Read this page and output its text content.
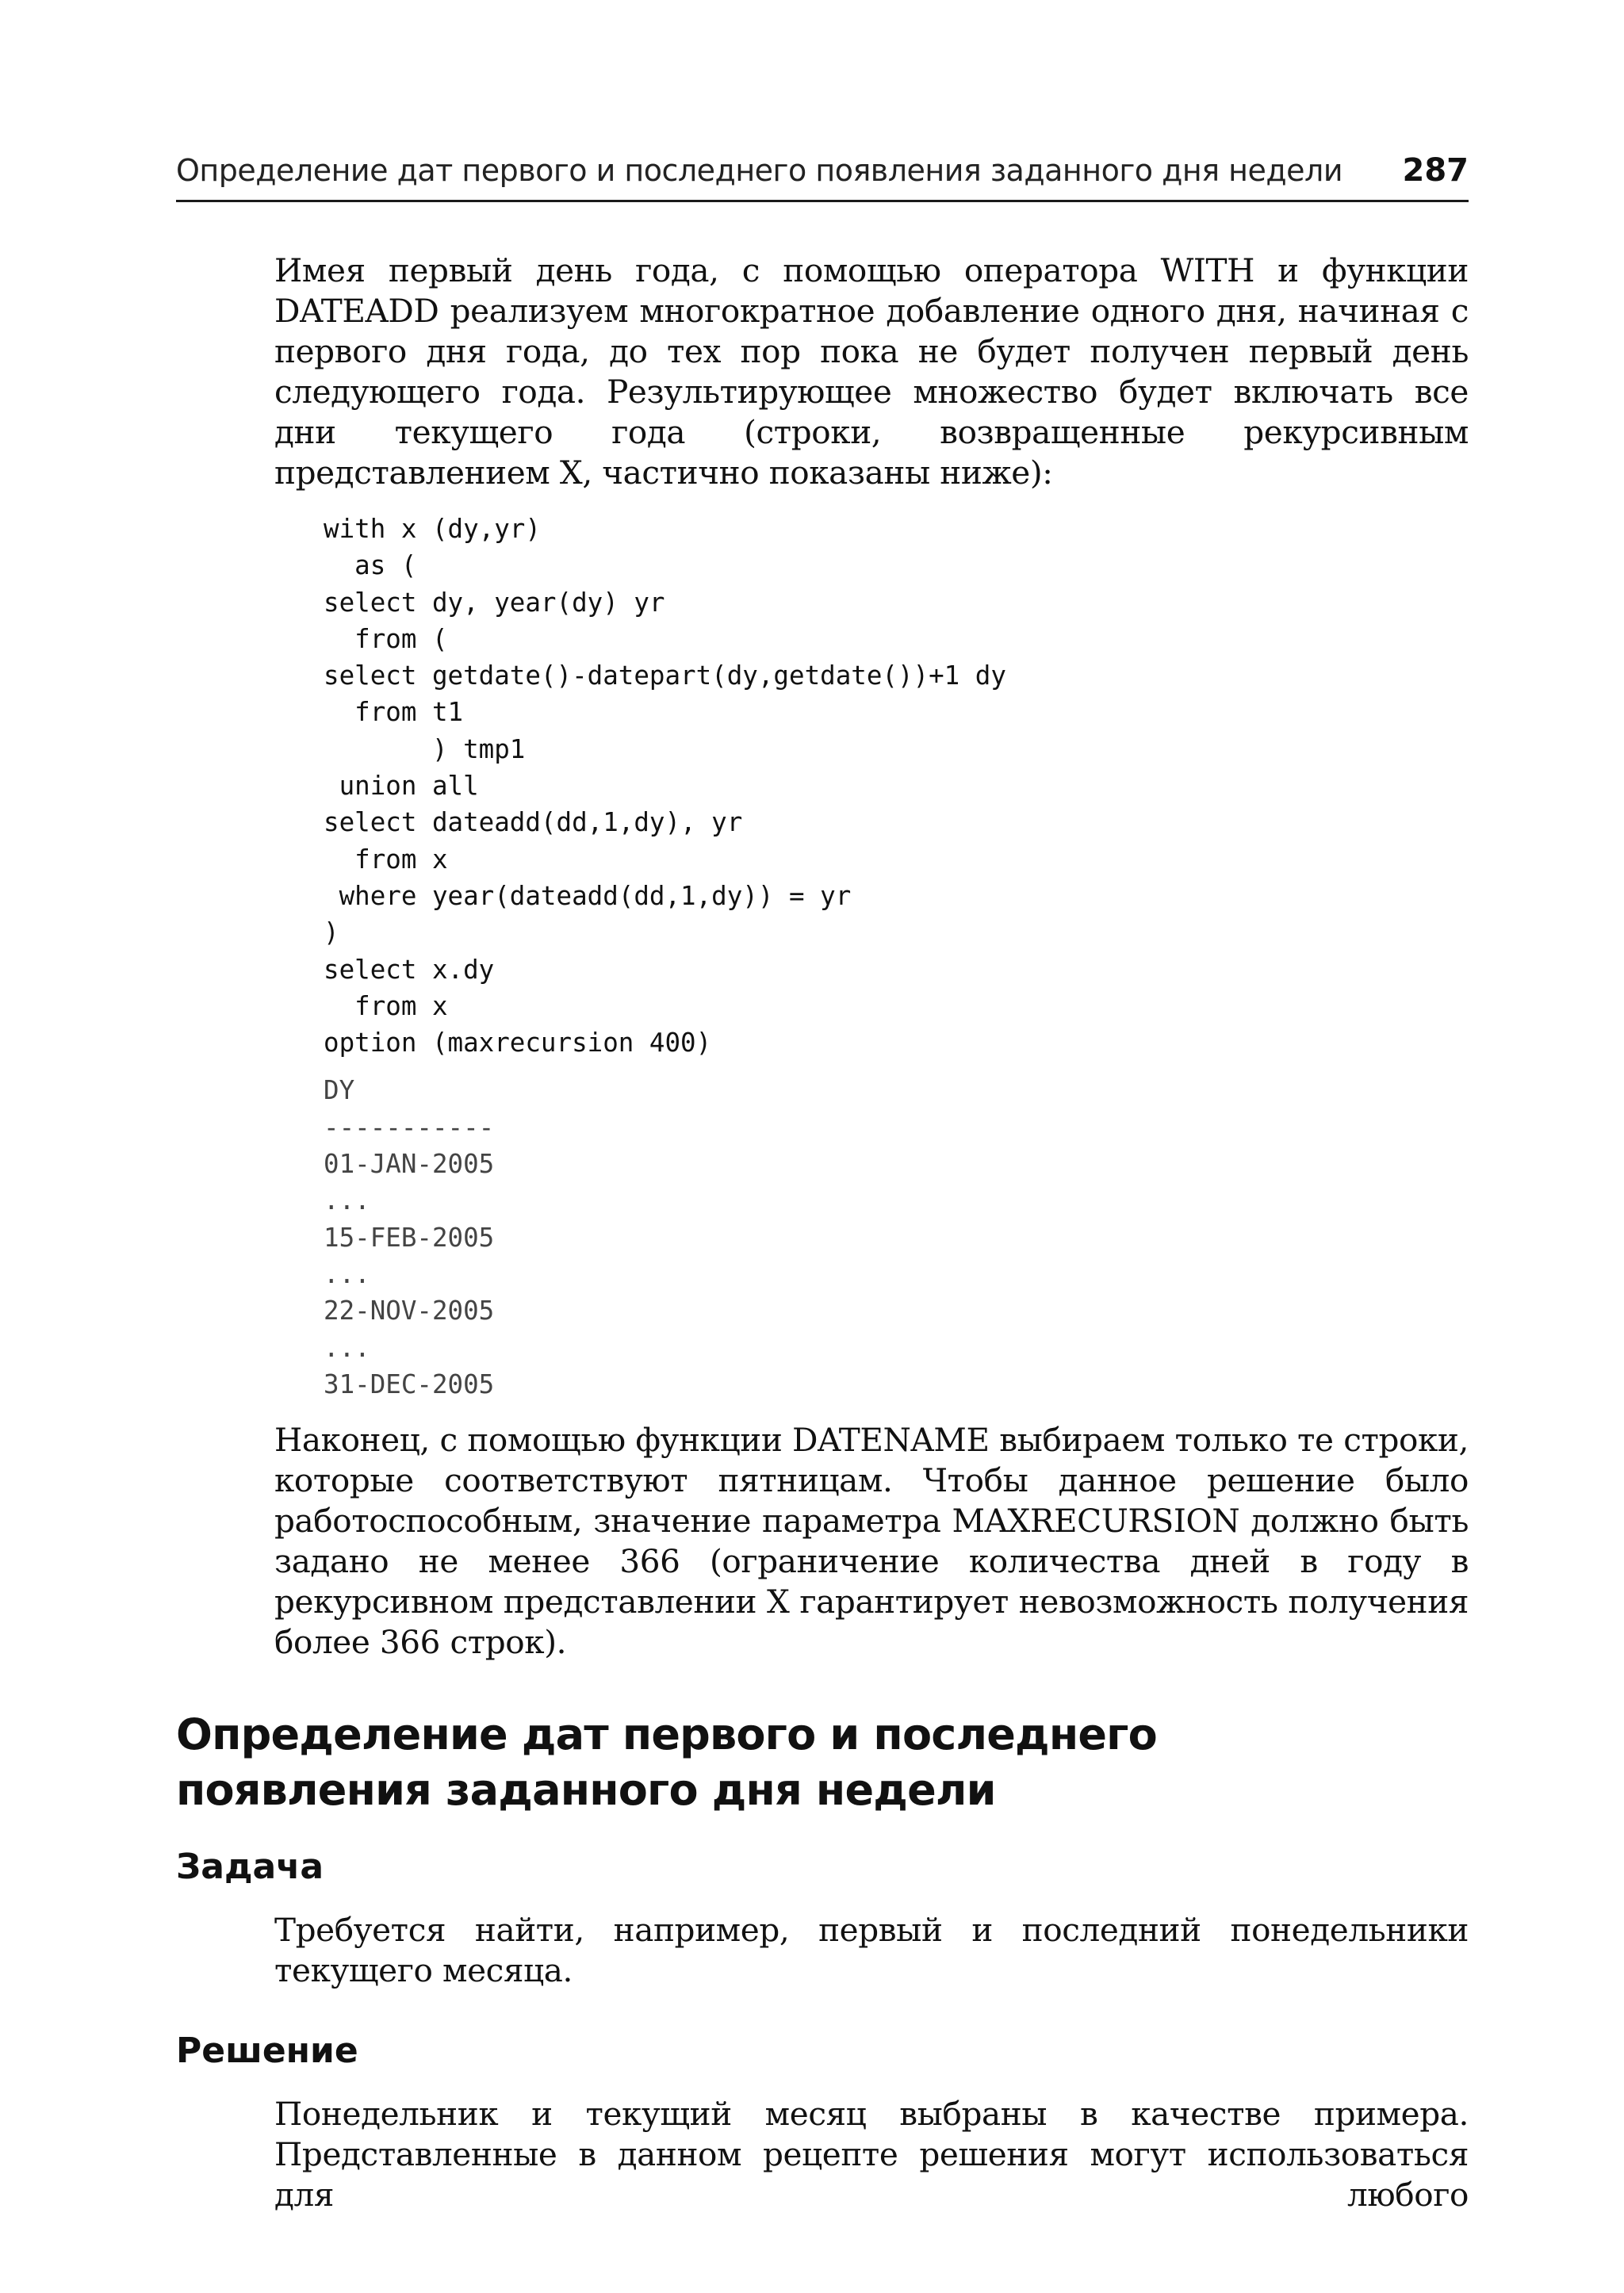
Определение дат первого и последнего появления заданного дня недели 287

Имея первый день года, с помощью оператора WITH и функции DATEADD реализуем многократное добавление одного дня, начиная с первого дня года, до тех пор пока не будет получен первый день следующего года. Результирующее множество будет включать все дни текущего года (строки, возвращенные рекурсивным представлением X, частично показаны ниже):

with x (dy,yr)
as (
select dy, year(dy) yr
from (
select getdate()-datepart(dy,getdate())+1 dy
from t1
) tmp1
union all
select dateadd(dd,1,dy), yr
from x
where year(dateadd(dd,1,dy)) = yr
)
select x.dy
from x
option (maxrecursion 400)
DY
-----------
01-JAN-2005
...
15-FEB-2005
...
22-NOV-2005
...
31-DEC-2005

Наконец, с помощью функции DATENAME выбираем только те строки, которые соответствуют пятницам. Чтобы данное решение было работоспособным, значение параметра MAXRECURSION должно быть задано не менее 366 (ограничение количества дней в году в рекурсивном представлении X гарантирует невозможность получения более 366 строк).

Определение дат первого и последнего
появления заданного дня недели
Задача

Требуется найти, например, первый и последний понедельники текущего месяца.

Решение

Понедельник и текущий месяц выбраны в качестве примера. Представленные в данном рецепте решения могут использоваться для любого
